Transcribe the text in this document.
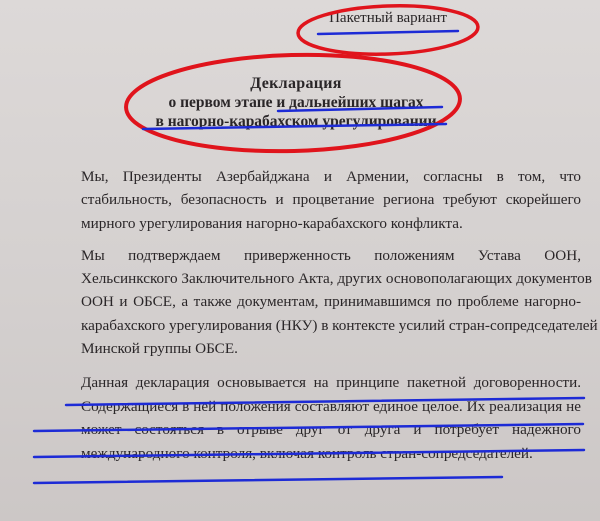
Пакетный вариант
Декларация
о первом этапе и дальнейших шагах
в нагорно-карабахском урегулировании

Мы, Президенты Азербайджана и Армении, согласны в том, что
стабильность, безопасность и процветание региона требуют скорейшего
мирного урегулирования нагорно-карабахского конфликта.

Мы подтверждаем приверженность положениям Устава ООН,
Хельсинкского Заключительного Акта, других основополагающих документов
ООН и ОБСЕ, а также документам, принимавшимся по проблеме нагорно-
карабахского урегулирования (НКУ) в контексте усилий стран-сопредседателей
Минской группы ОБСЕ.

Данная декларация основывается на принципе пакетной договоренности.
Содержащиеся в ней положения составляют единое целое. Их реализация не
может состояться в отрыве друг от друга и потребует надежного
международного контроля, включая контроль стран-сопредседателей.
